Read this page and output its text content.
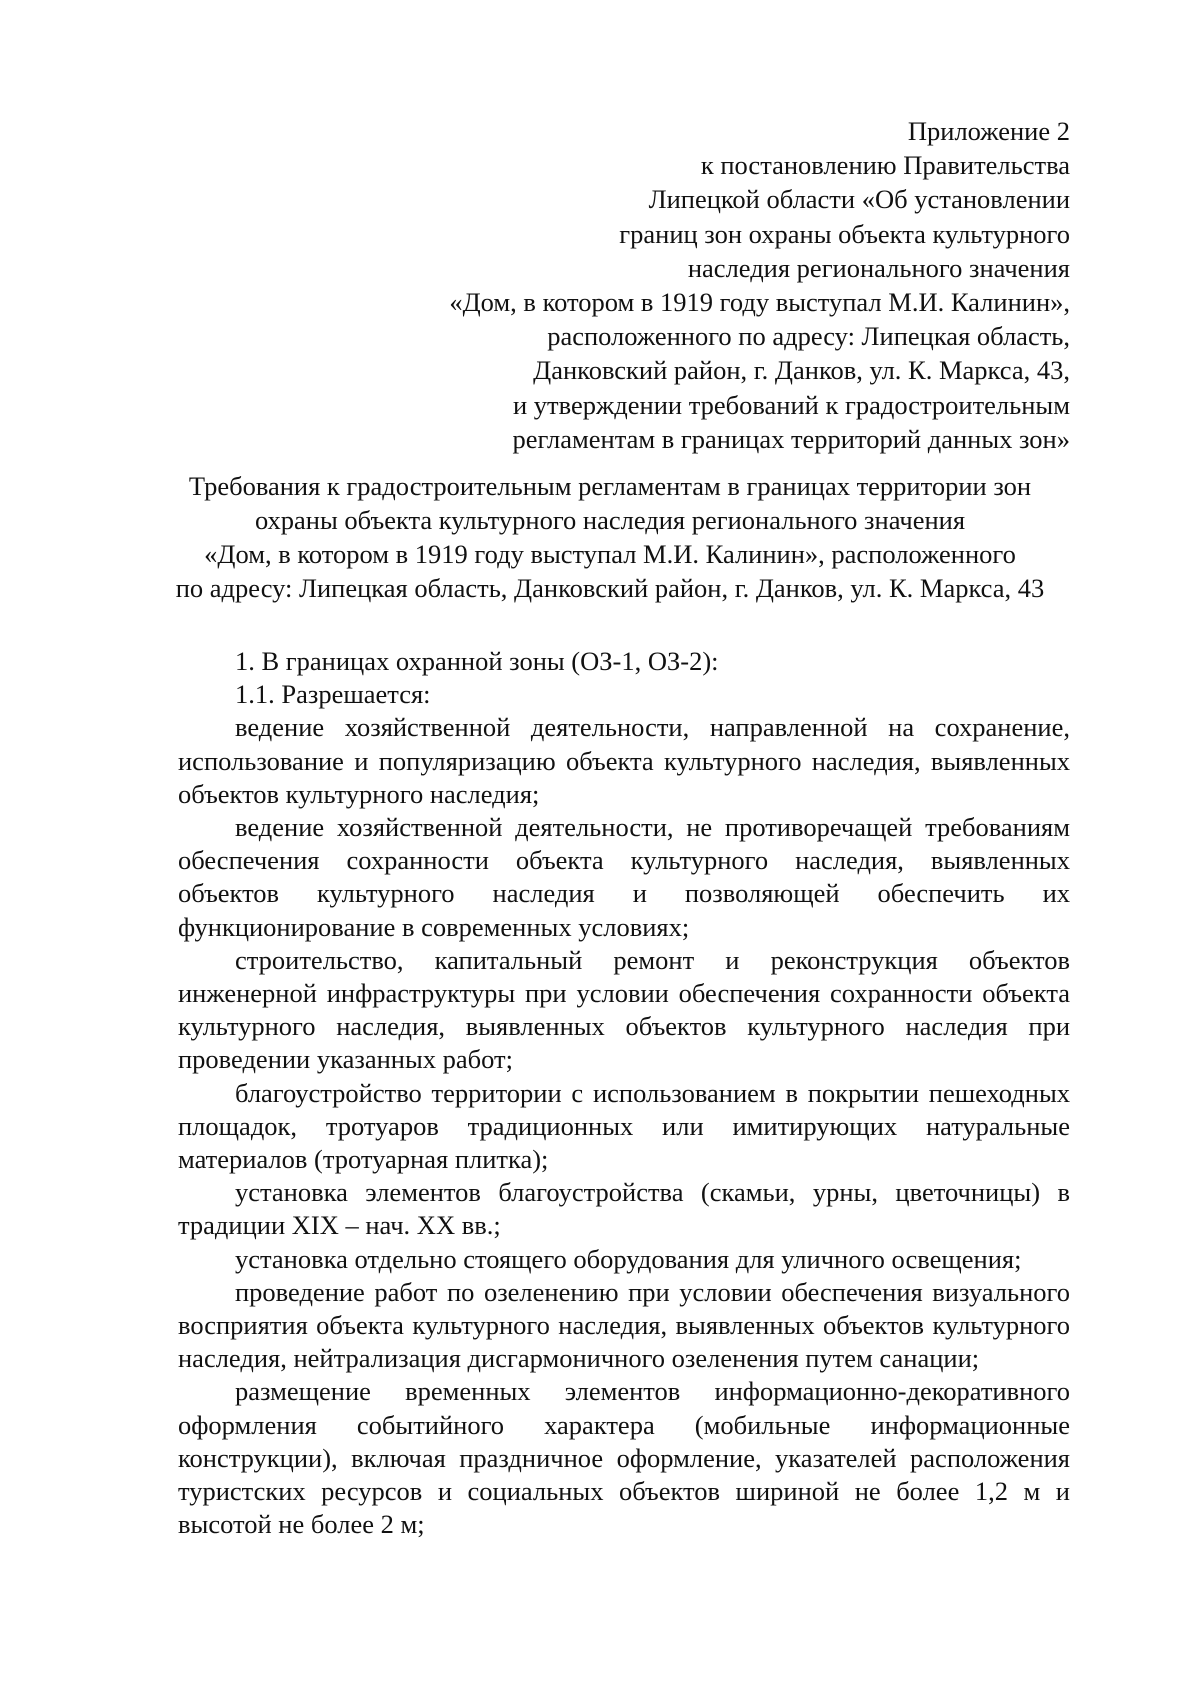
Приложение 2
к постановлению Правительства
Липецкой области «Об установлении
границ зон охраны объекта культурного
наследия регионального значения
«Дом, в котором в 1919 году выступал М.И. Калинин»,
расположенного по адресу: Липецкая область,
Данковский район, г. Данков, ул. К. Маркса, 43,
и утверждении требований к градостроительным
регламентам в границах территорий данных зон»
Требования к градостроительным регламентам в границах территории зон
охраны объекта культурного наследия регионального значения
«Дом, в котором в 1919 году выступал М.И. Калинин», расположенного
по адресу: Липецкая область, Данковский район, г. Данков, ул. К. Маркса, 43
1. В границах охранной зоны (ОЗ-1, ОЗ-2):
1.1. Разрешается:

ведение хозяйственной деятельности, направленной на сохранение, использование и популяризацию объекта культурного наследия, выявленных объектов культурного наследия;

ведение хозяйственной деятельности, не противоречащей требованиям обеспечения сохранности объекта культурного наследия, выявленных объектов культурного наследия и позволяющей обеспечить их функционирование в современных условиях;

строительство, капитальный ремонт и реконструкция объектов инженерной инфраструктуры при условии обеспечения сохранности объекта культурного наследия, выявленных объектов культурного наследия при проведении указанных работ;

благоустройство территории с использованием в покрытии пешеходных площадок, тротуаров традиционных или имитирующих натуральные материалов (тротуарная плитка);

установка элементов благоустройства (скамьи, урны, цветочницы) в традиции XIX – нач. XX вв.;

установка отдельно стоящего оборудования для уличного освещения;

проведение работ по озеленению при условии обеспечения визуального восприятия объекта культурного наследия, выявленных объектов культурного наследия, нейтрализация дисгармоничного озеленения путем санации;

размещение временных элементов информационно-декоративного оформления событийного характера (мобильные информационные конструкции), включая праздничное оформление, указателей расположения туристских ресурсов и социальных объектов шириной не более 1,2 м и высотой не более 2 м;
